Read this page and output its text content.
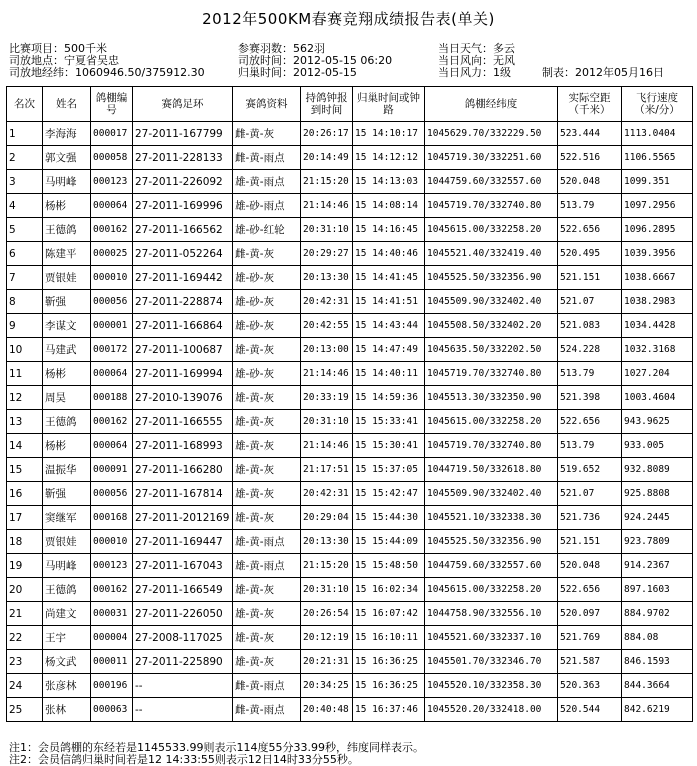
2012年500KM春赛竞翔成绩报告表(单关)
比赛项目：500千米	参赛羽数：562羽	当日天气：多云
司放地点：宁夏省吴忠	司放时间：2012-05-15 06:20	当日风向：无风
司放地经纬：1060946.50/375912.30	归巢时间：2012-05-15	当日风力：1级	制表：2012年05月16日
名次	姓名	鸽棚编号	赛鸽足环	赛鸽资料	持鸽钟报到时间	归巢时间或钟路	鸽棚经纬度	实际空距（千米）	飞行速度（米/分）
1	李海海	000017	27-2011-167799	雌-黄-灰	20:26:17	15 14:10:17	1045629.70/332229.50	523.444	1113.0404
2	郭文强	000058	27-2011-228133	雌-黄-雨点	20:14:49	15 14:12:12	1045719.30/332251.60	522.516	1106.5565
3	马明峰	000123	27-2011-226092	雄-黄-雨点	21:15:20	15 14:13:03	1044759.60/332557.60	520.048	1099.351
4	杨彬	000064	27-2011-169996	雄-砂-雨点	21:14:46	15 14:08:14	1045719.70/332740.80	513.79	1097.2956
5	王德鸽	000162	27-2011-166562	雄-砂-红轮	20:31:10	15 14:16:45	1045615.00/332258.20	522.656	1096.2895
6	陈建平	000025	27-2011-052264	雌-黄-灰	20:29:27	15 14:40:46	1045521.40/332419.40	520.495	1039.3956
7	贾银娃	000010	27-2011-169442	雄-砂-灰	20:13:30	15 14:41:45	1045525.50/332356.90	521.151	1038.6667
8	靳强	000056	27-2011-228874	雄-砂-灰	20:42:31	15 14:41:51	1045509.90/332402.40	521.07	1038.2983
9	李谋文	000001	27-2011-166864	雄-砂-灰	20:42:55	15 14:43:44	1045508.50/332402.20	521.083	1034.4428
10	马建武	000172	27-2011-100687	雄-黄-灰	20:13:00	15 14:47:49	1045635.50/332202.50	524.228	1032.3168
11	杨彬	000064	27-2011-169994	雄-砂-灰	21:14:46	15 14:40:11	1045719.70/332740.80	513.79	1027.204
12	周昊	000188	27-2010-139076	雄-黄-灰	20:33:19	15 14:59:36	1045513.30/332350.90	521.398	1003.4604
13	王德鸽	000162	27-2011-166555	雄-黄-灰	20:31:10	15 15:33:41	1045615.00/332258.20	522.656	943.9625
14	杨彬	000064	27-2011-168993	雄-黄-灰	21:14:46	15 15:30:41	1045719.70/332740.80	513.79	933.005
15	温振华	000091	27-2011-166280	雄-黄-灰	21:17:51	15 15:37:05	1044719.50/332618.80	519.652	932.8089
16	靳强	000056	27-2011-167814	雄-黄-灰	20:42:31	15 15:42:47	1045509.90/332402.40	521.07	925.8808
17	窦继军	000168	27-2011-2012169	雄-黄-灰	20:29:04	15 15:44:30	1045521.10/332338.30	521.736	924.2445
18	贾银娃	000010	27-2011-169447	雄-黄-雨点	20:13:30	15 15:44:09	1045525.50/332356.90	521.151	923.7809
19	马明峰	000123	27-2011-167043	雄-黄-雨点	21:15:20	15 15:48:50	1044759.60/332557.60	520.048	914.2367
20	王德鸽	000162	27-2011-166549	雄-黄-灰	20:31:10	15 16:02:34	1045615.00/332258.20	522.656	897.1603
21	尚建文	000031	27-2011-226050	雄-黄-灰	20:26:54	15 16:07:42	1044758.90/332556.10	520.097	884.9702
22	王宇	000004	27-2008-117025	雄-黄-灰	20:12:19	15 16:10:11	1045521.60/332337.10	521.769	884.08
23	杨文武	000011	27-2011-225890	雄-黄-灰	20:21:31	15 16:36:25	1045501.70/332346.70	521.587	846.1593
24	张彦林	000196	--	雌-黄-雨点	20:34:25	15 16:36:25	1045520.10/332358.30	520.363	844.3664
25	张林	000063	--	雌-黄-雨点	20:40:48	15 16:37:46	1045520.20/332418.00	520.544	842.6219
注1：会员鸽棚的东经若是1145533.99则表示114度55分33.99秒，纬度同样表示。
注2：会员信鸽归巢时间若是12 14:33:55则表示12日14时33分55秒。
